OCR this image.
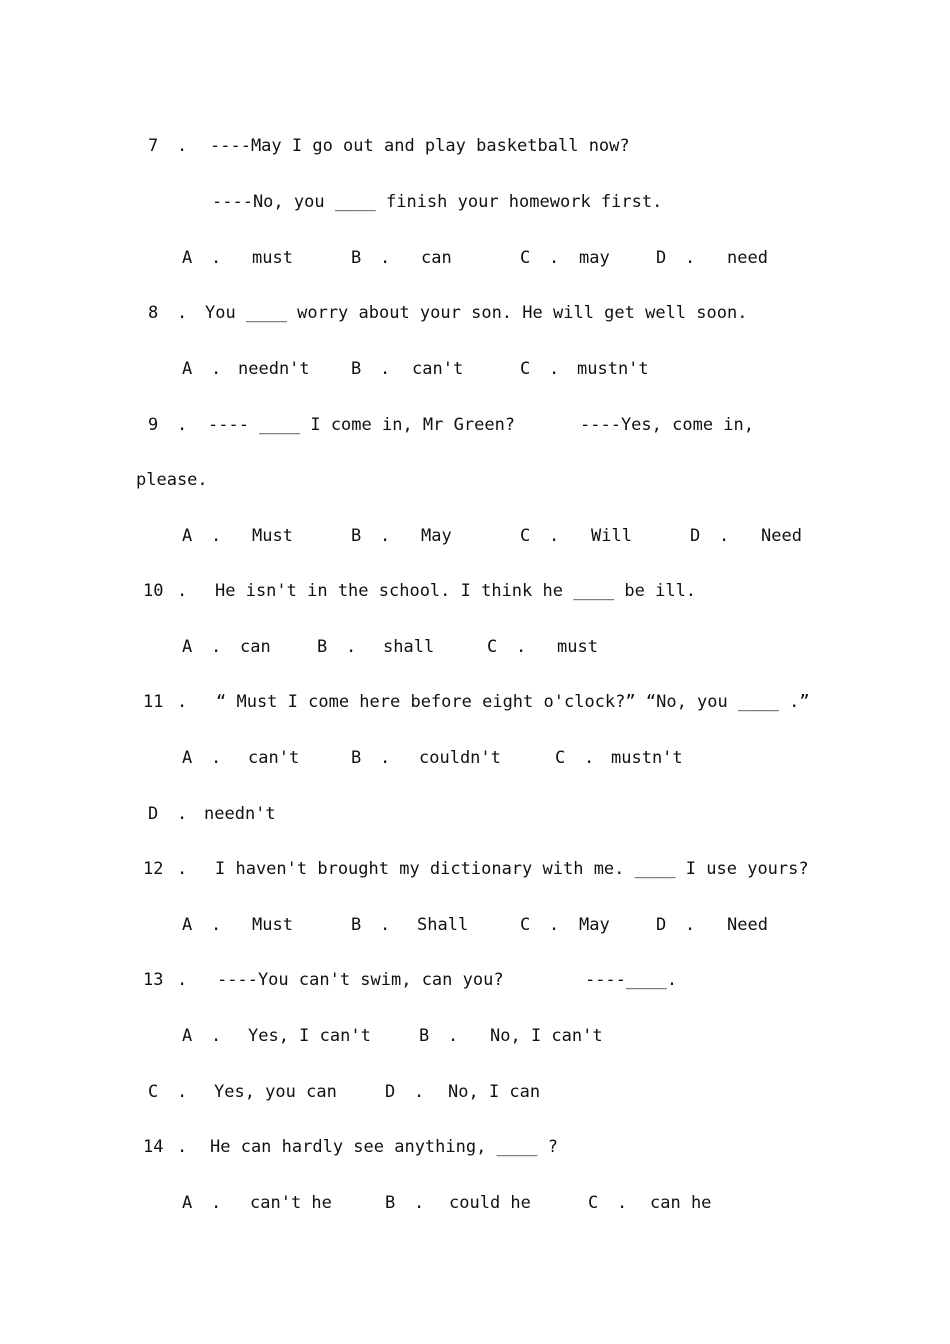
7 . ----May I go out and play basketball now?
----No, you ____ finish your homework first.
A . must	B . can	C . may	D . need
8 . You ____ worry about your son. He will get well soon.
A . needn't B . can't	C . mustn't
9 . ---- ____ I come in, Mr Green?	----Yes, come in,
please.
A . Must	B . May	C . Will	D . Need
10 . He isn't in the school. I think he ____ be ill.
A . can	B . shall	C . must
11 . “ Must I come here before eight o'clock?” “No, you ____ .”
A . can't	B . couldn't	C . mustn't
D . needn't
12 . I haven't brought my dictionary with me. ____ I use yours?
A . Must	B . Shall	C . May	D . Need
13 . ----You can't swim, can you?	----____.
A . Yes, I can't	B . No, I can't
C . Yes, you can	D . No, I can
14 . He can hardly see anything, ____ ?
A . can't he	B . could he	C . can he
